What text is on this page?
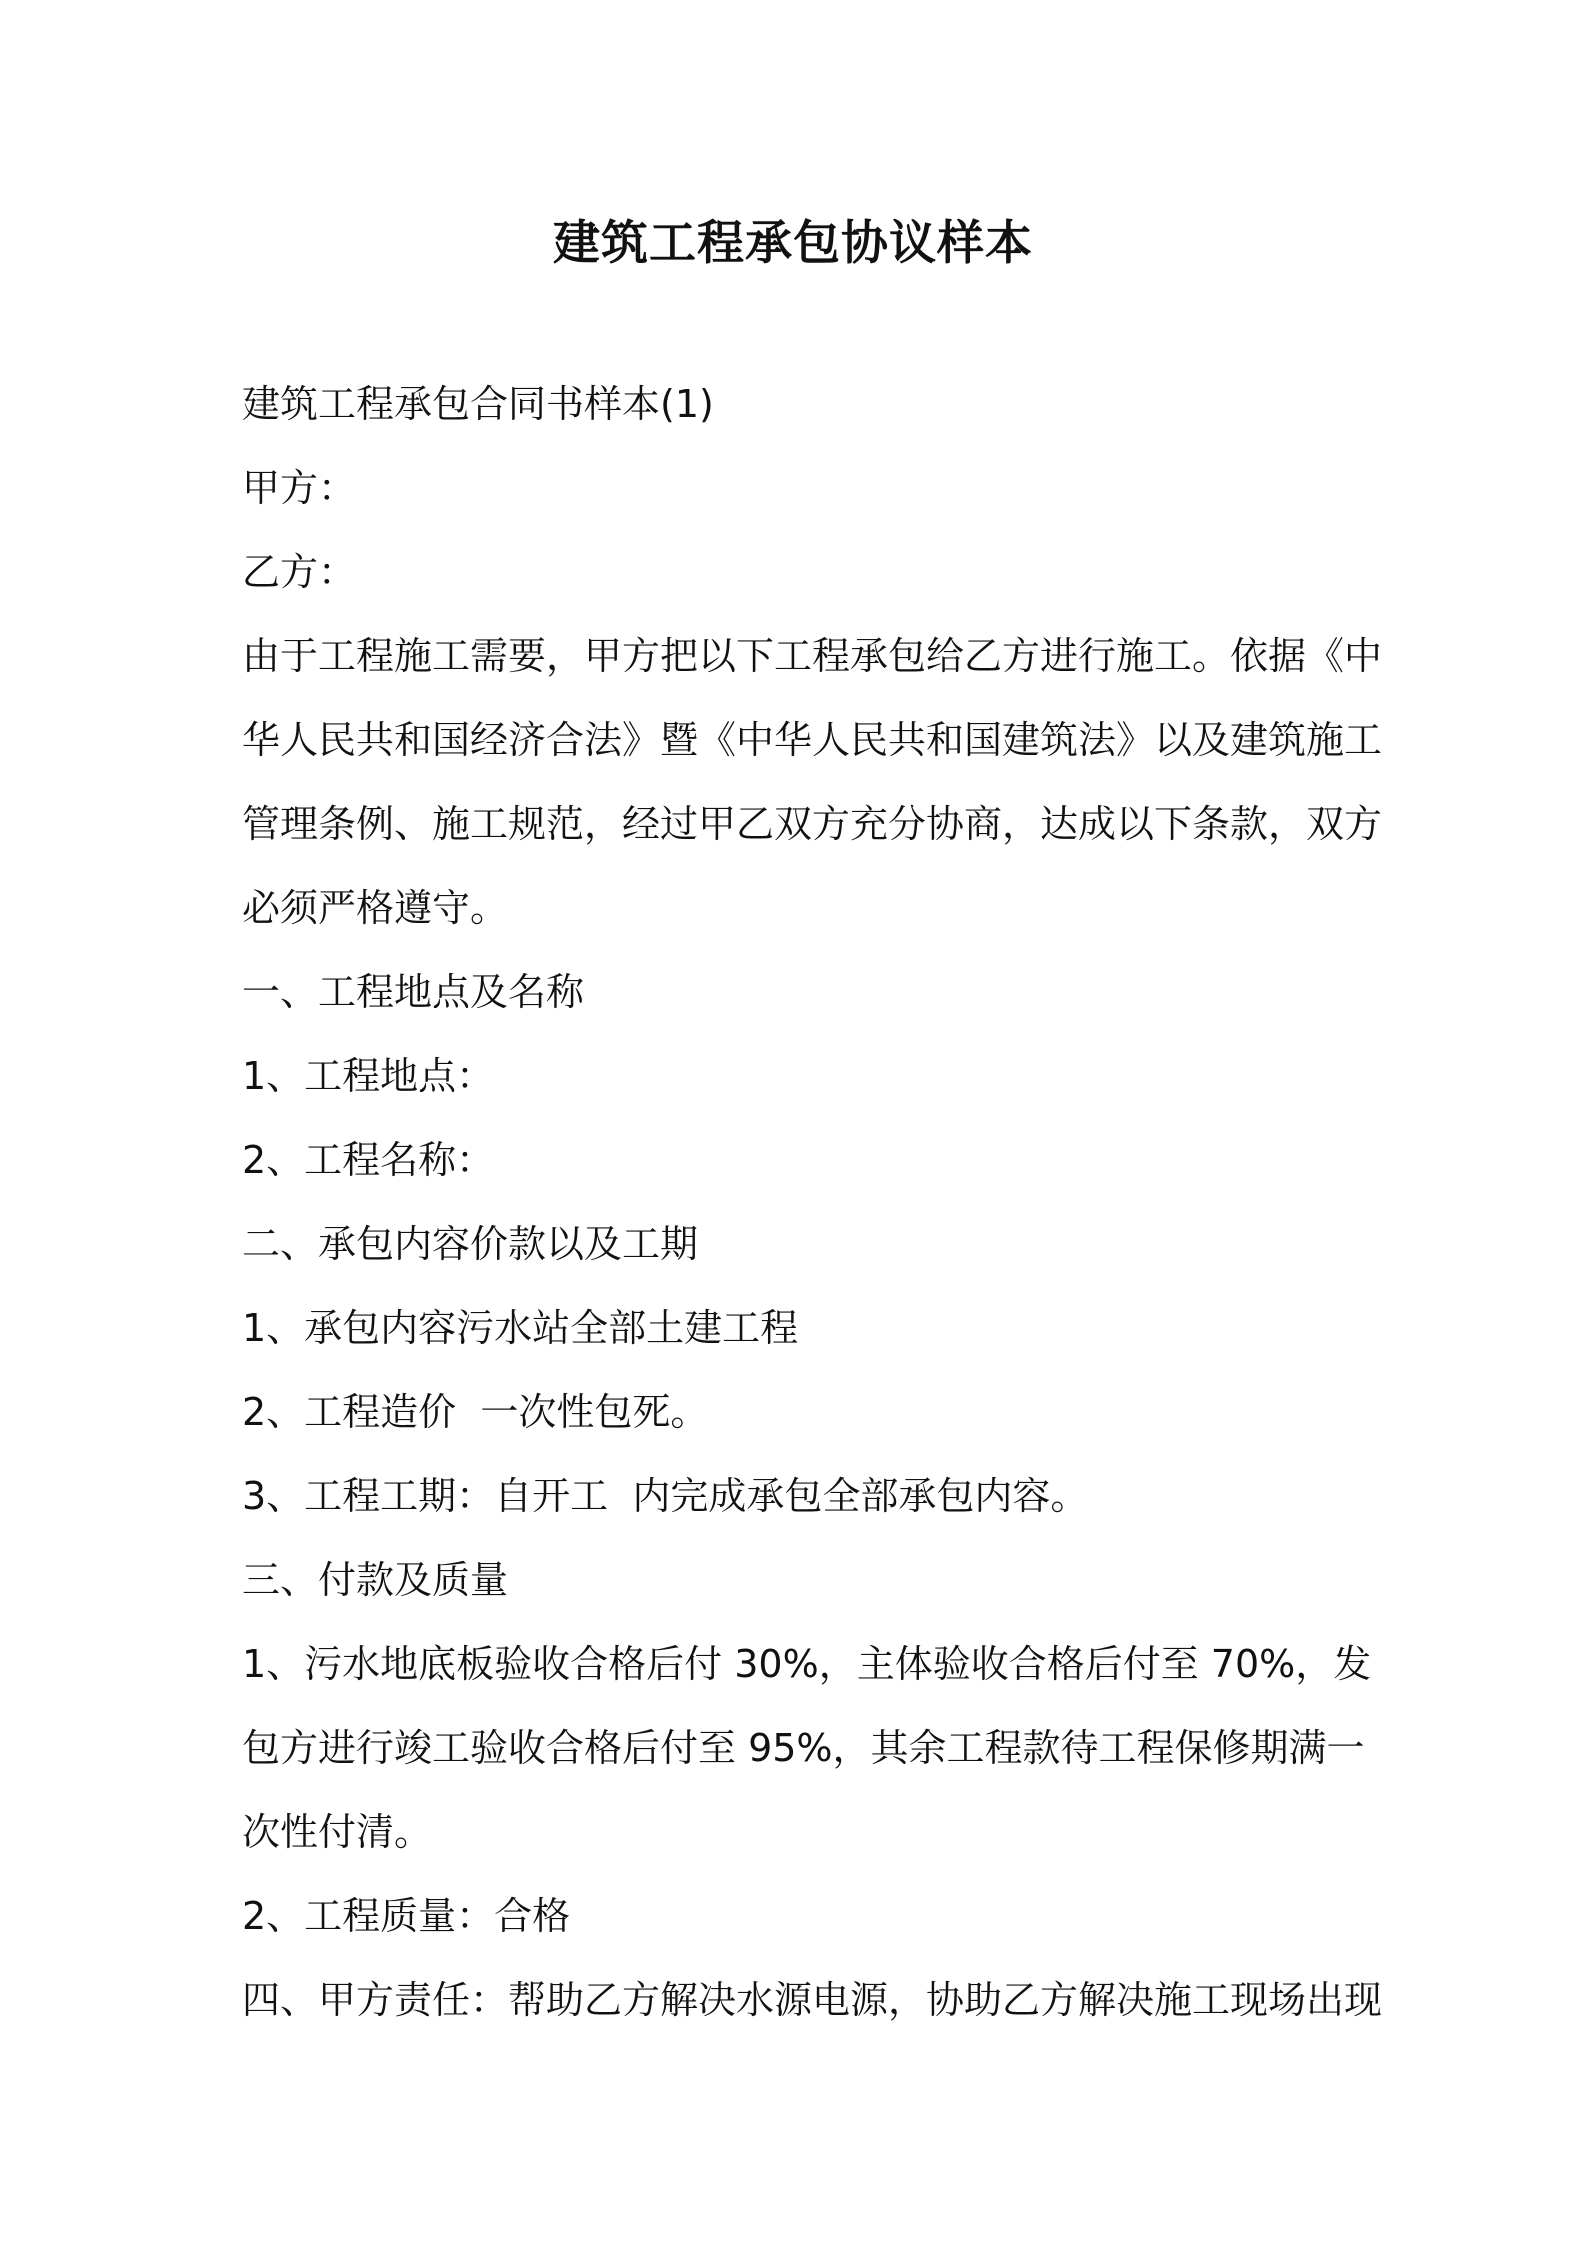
建筑工程承包协议样本

建筑工程承包合同书样本(1)

甲方：

乙方：

由于工程施工需要，甲方把以下工程承包给乙方进行施工。依据《中

华人民共和国经济合法》暨《中华人民共和国建筑法》以及建筑施工

管理条例、施工规范，经过甲乙双方充分协商，达成以下条款，双方

必须严格遵守。

一、工程地点及名称

1、工程地点：

2、工程名称：

二、承包内容价款以及工期

1、承包内容污水站全部土建工程

2、工程造价  一次性包死。

3、工程工期：自开工  内完成承包全部承包内容。

三、付款及质量

1、污水地底板验收合格后付 30%，主体验收合格后付至 70%，发

包方进行竣工验收合格后付至 95%，其余工程款待工程保修期满一

次性付清。

2、工程质量：合格

四、甲方责任：帮助乙方解决水源电源，协助乙方解决施工现场出现
